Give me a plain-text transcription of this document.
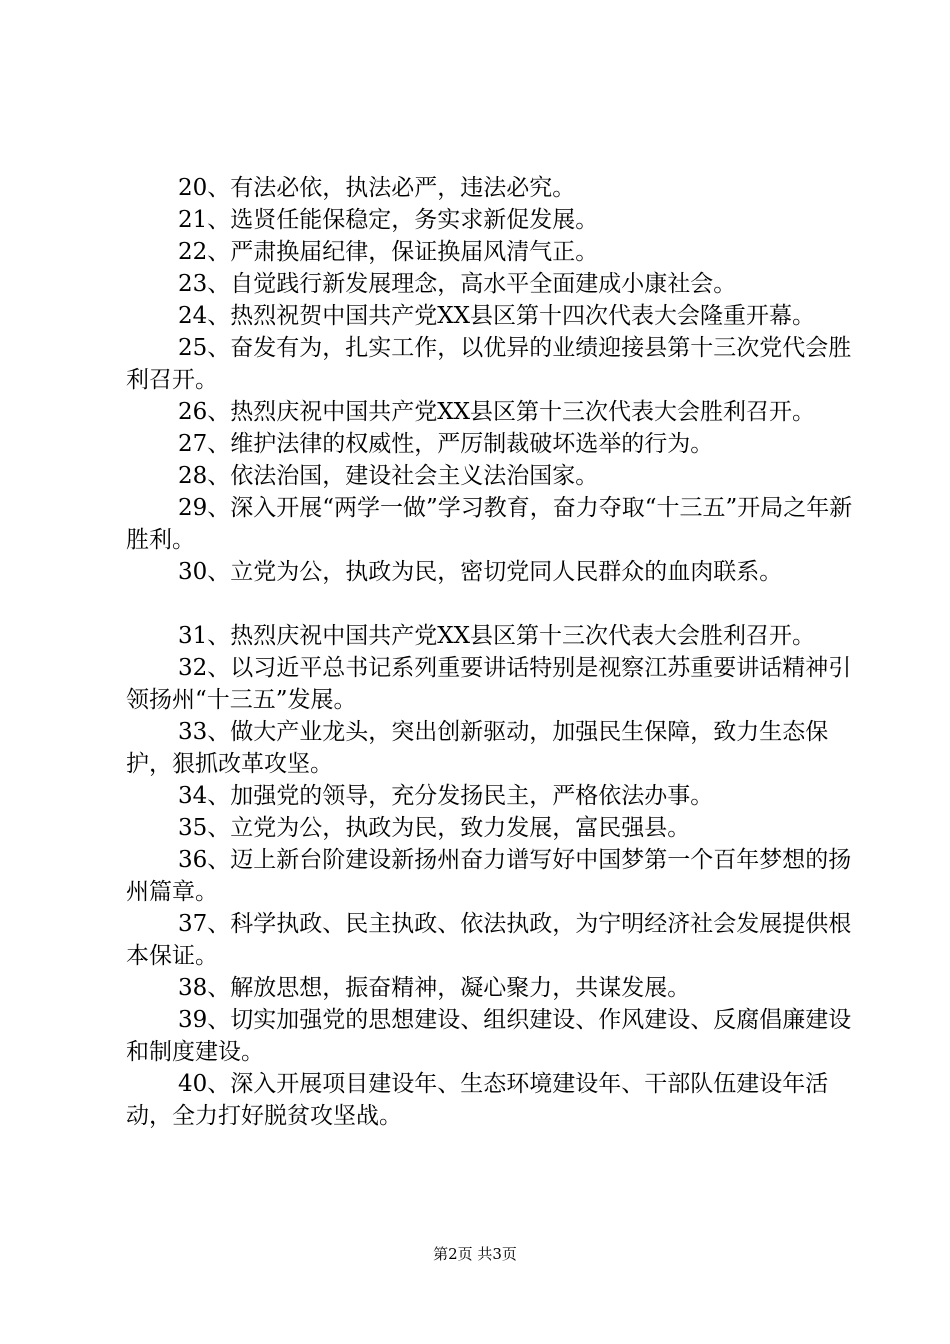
20、有法必依，执法必严，违法必究。

21、选贤任能保稳定，务实求新促发展。

22、严肃换届纪律，保证换届风清气正。

23、自觉践行新发展理念，高水平全面建成小康社会。

24、热烈祝贺中国共产党XX县区第十四次代表大会隆重开幕。

25、奋发有为，扎实工作，以优异的业绩迎接县第十三次党代会胜利召开。

26、热烈庆祝中国共产党XX县区第十三次代表大会胜利召开。

27、维护法律的权威性，严厉制裁破坏选举的行为。

28、依法治国，建设社会主义法治国家。

29、深入开展“两学一做”学习教育，奋力夺取“十三五”开局之年新胜利。

30、立党为公，执政为民，密切党同人民群众的血肉联系。

31、热烈庆祝中国共产党XX县区第十三次代表大会胜利召开。

32、以习近平总书记系列重要讲话特别是视察江苏重要讲话精神引领扬州“十三五”发展。

33、做大产业龙头，突出创新驱动，加强民生保障，致力生态保护，狠抓改革攻坚。

34、加强党的领导，充分发扬民主，严格依法办事。

35、立党为公，执政为民，致力发展，富民强县。

36、迈上新台阶建设新扬州奋力谱写好中国梦第一个百年梦想的扬州篇章。

37、科学执政、民主执政、依法执政，为宁明经济社会发展提供根本保证。

38、解放思想，振奋精神，凝心聚力，共谋发展。

39、切实加强党的思想建设、组织建设、作风建设、反腐倡廉建设和制度建设。

40、深入开展项目建设年、生态环境建设年、干部队伍建设年活动，全力打好脱贫攻坚战。

第2页 共3页
